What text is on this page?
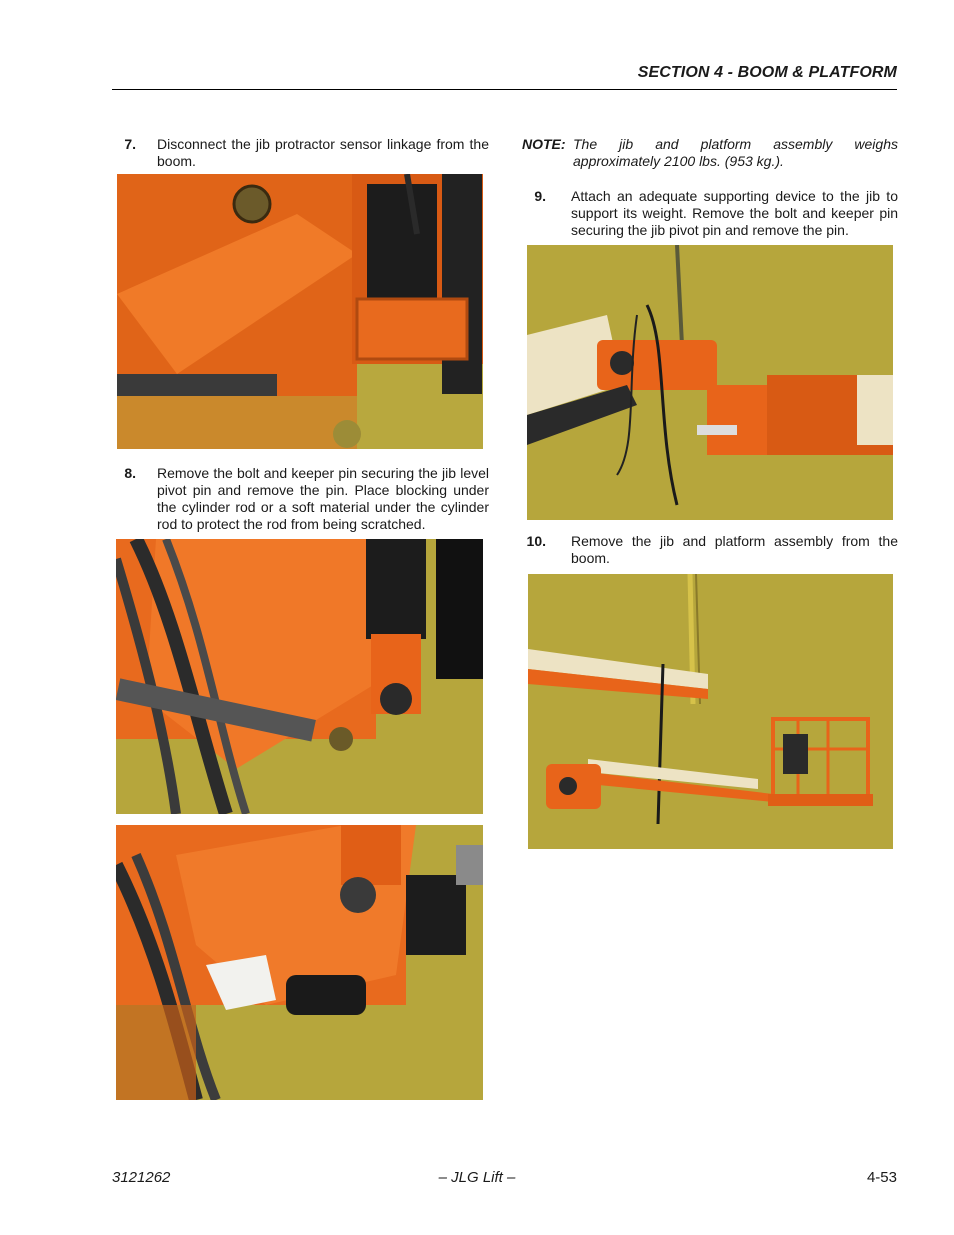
SECTION 4 - BOOM & PLATFORM
7. Disconnect the jib protractor sensor linkage from the boom.
8. Remove the bolt and keeper pin securing the jib level pivot pin and remove the pin. Place blocking under the cylinder rod or a soft material under the cylinder rod to protect the rod from being scratched.
NOTE: The jib and platform assembly weighs approximately 2100 lbs. (953 kg.).
9. Attach an adequate supporting device to the jib to support its weight. Remove the bolt and keeper pin securing the jib pivot pin and remove the pin.
10. Remove the jib and platform assembly from the boom.
3121262	– JLG Lift –	4-53
